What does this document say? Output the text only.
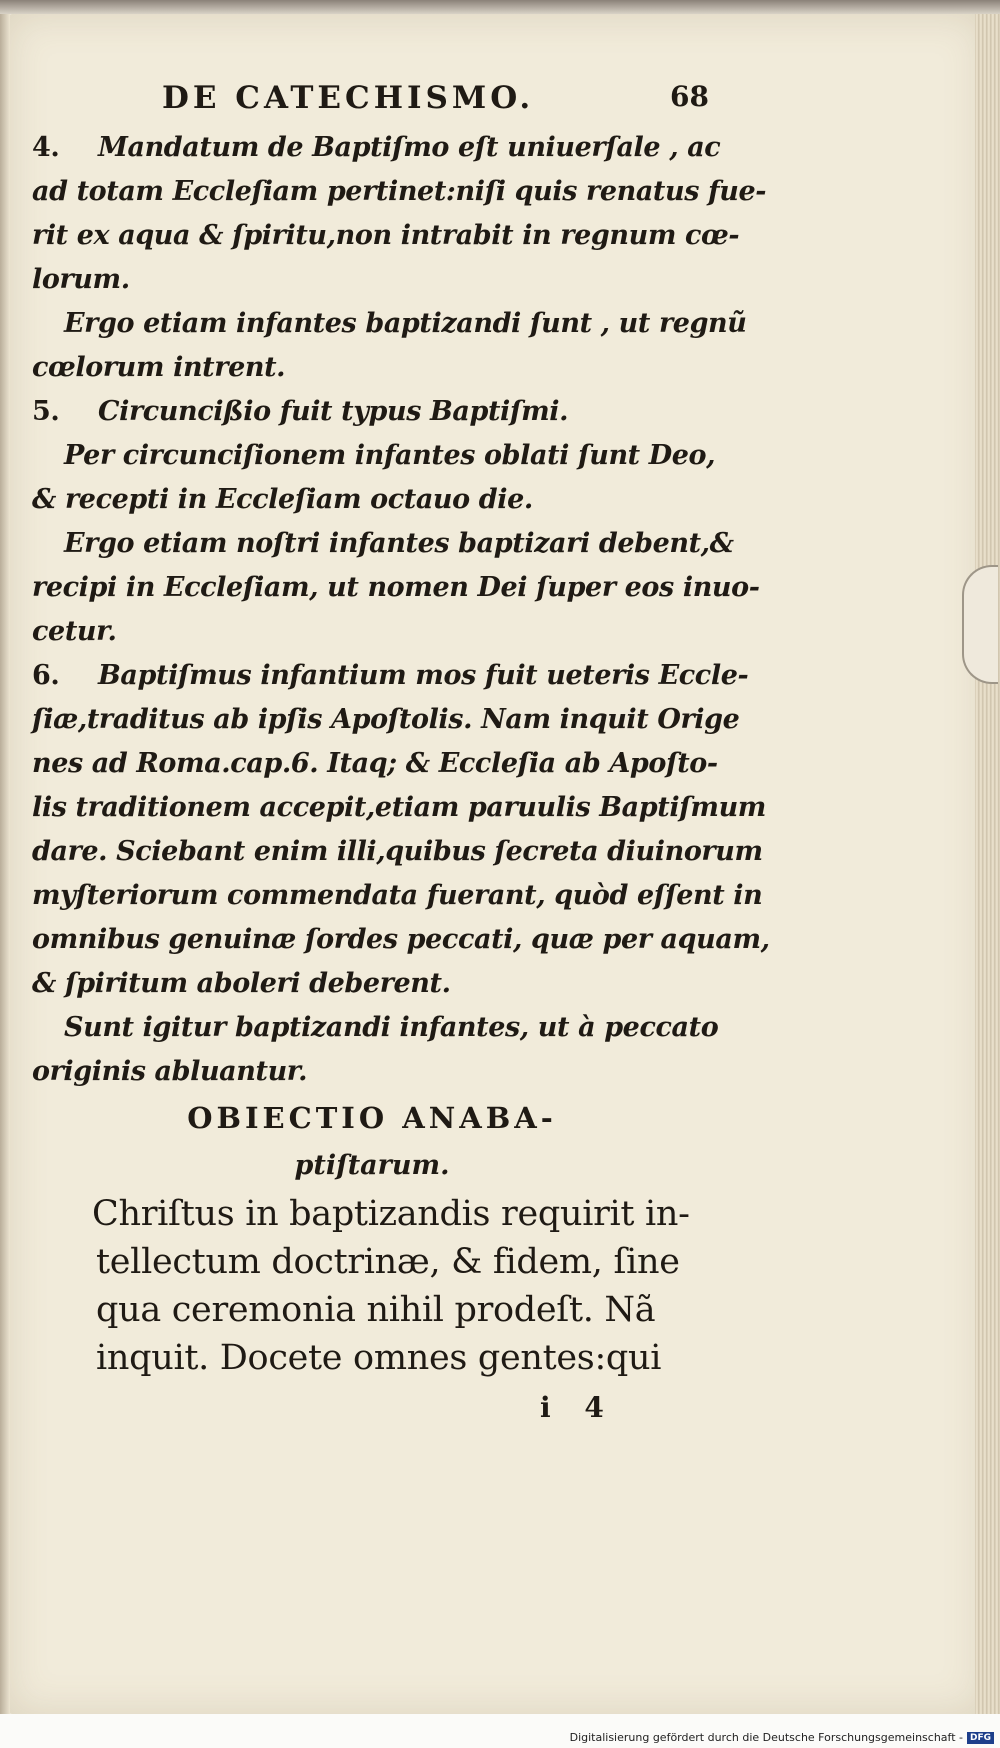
DE CATECHISMO.	68
4. Mandatum de Baptiſmo eſt uniuerſale , ac
ad totam Eccleſiam pertinet:niſi quis renatus fue-
rit ex aqua & ſpiritu,non intrabit in regnum cœ-
lorum.
Ergo etiam infantes baptizandi ſunt , ut regnũ
cœlorum intrent.
5. Circuncißio fuit typus Baptiſmi.
Per circunciſionem infantes oblati ſunt Deo,
& recepti in Eccleſiam octauo die.
Ergo etiam noſtri infantes baptizari debent,&
recipi in Eccleſiam, ut nomen Dei ſuper eos inuo-
cetur.
6. Baptiſmus infantium mos fuit ueteris Eccle-
ſiæ,traditus ab ipſis Apoſtolis. Nam inquit Orige
nes ad Roma.cap.6. Itaq; & Eccleſia ab Apoſto-
lis traditionem accepit,etiam paruulis Baptiſmum
dare. Sciebant enim illi,quibus ſecreta diuinorum
myſteriorum commendata fuerant, quòd eſſent in
omnibus genuinæ ſordes peccati, quæ per aquam,
& ſpiritum aboleri deberent.
Sunt igitur baptizandi infantes, ut à peccato
originis abluantur.
OBIECTIO ANABA-
ptiſtarum.
Chriſtus in baptizandis requirit in-
tellectum doctrinæ, & fidem, ſine
qua ceremonia nihil prodeſt. Nã
inquit. Docete omnes gentes:qui
i 4
Digitalisierung gefördert durch die Deutsche Forschungsgemeinschaft - DFG
